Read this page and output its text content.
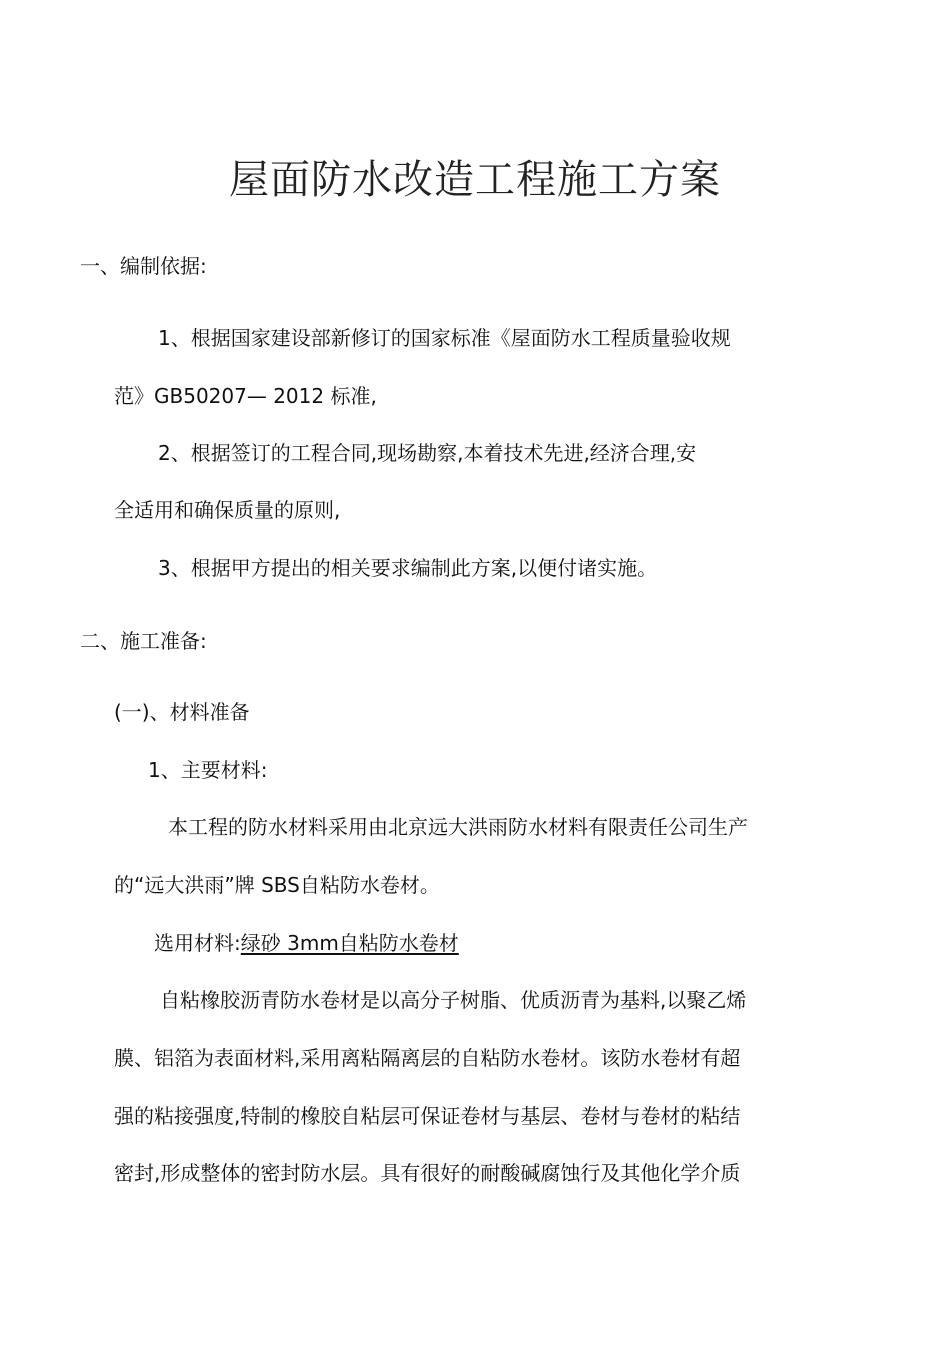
屋面防水改造工程施工方案
一、编制依据:
1、根据国家建设部新修订的国家标准《屋面防水工程质量验收规
范》GB50207— 2012 标准,
2、根据签订的工程合同,现场勘察,本着技术先进,经济合理,安
全适用和确保质量的原则,
3、根据甲方提出的相关要求编制此方案,以便付诸实施。
二、施工准备:
(一)、材料准备
1、主要材料:
本工程的防水材料采用由北京远大洪雨防水材料有限责任公司生产
的“远大洪雨”牌 SBS自粘防水卷材。
选用材料:绿砂 3mm自粘防水卷材
自粘橡胶沥青防水卷材是以高分子树脂、优质沥青为基料,以聚乙烯
膜、铝箔为表面材料,采用离粘隔离层的自粘防水卷材。该防水卷材有超
强的粘接强度,特制的橡胶自粘层可保证卷材与基层、卷材与卷材的粘结
密封,形成整体的密封防水层。具有很好的耐酸碱腐蚀行及其他化学介质
